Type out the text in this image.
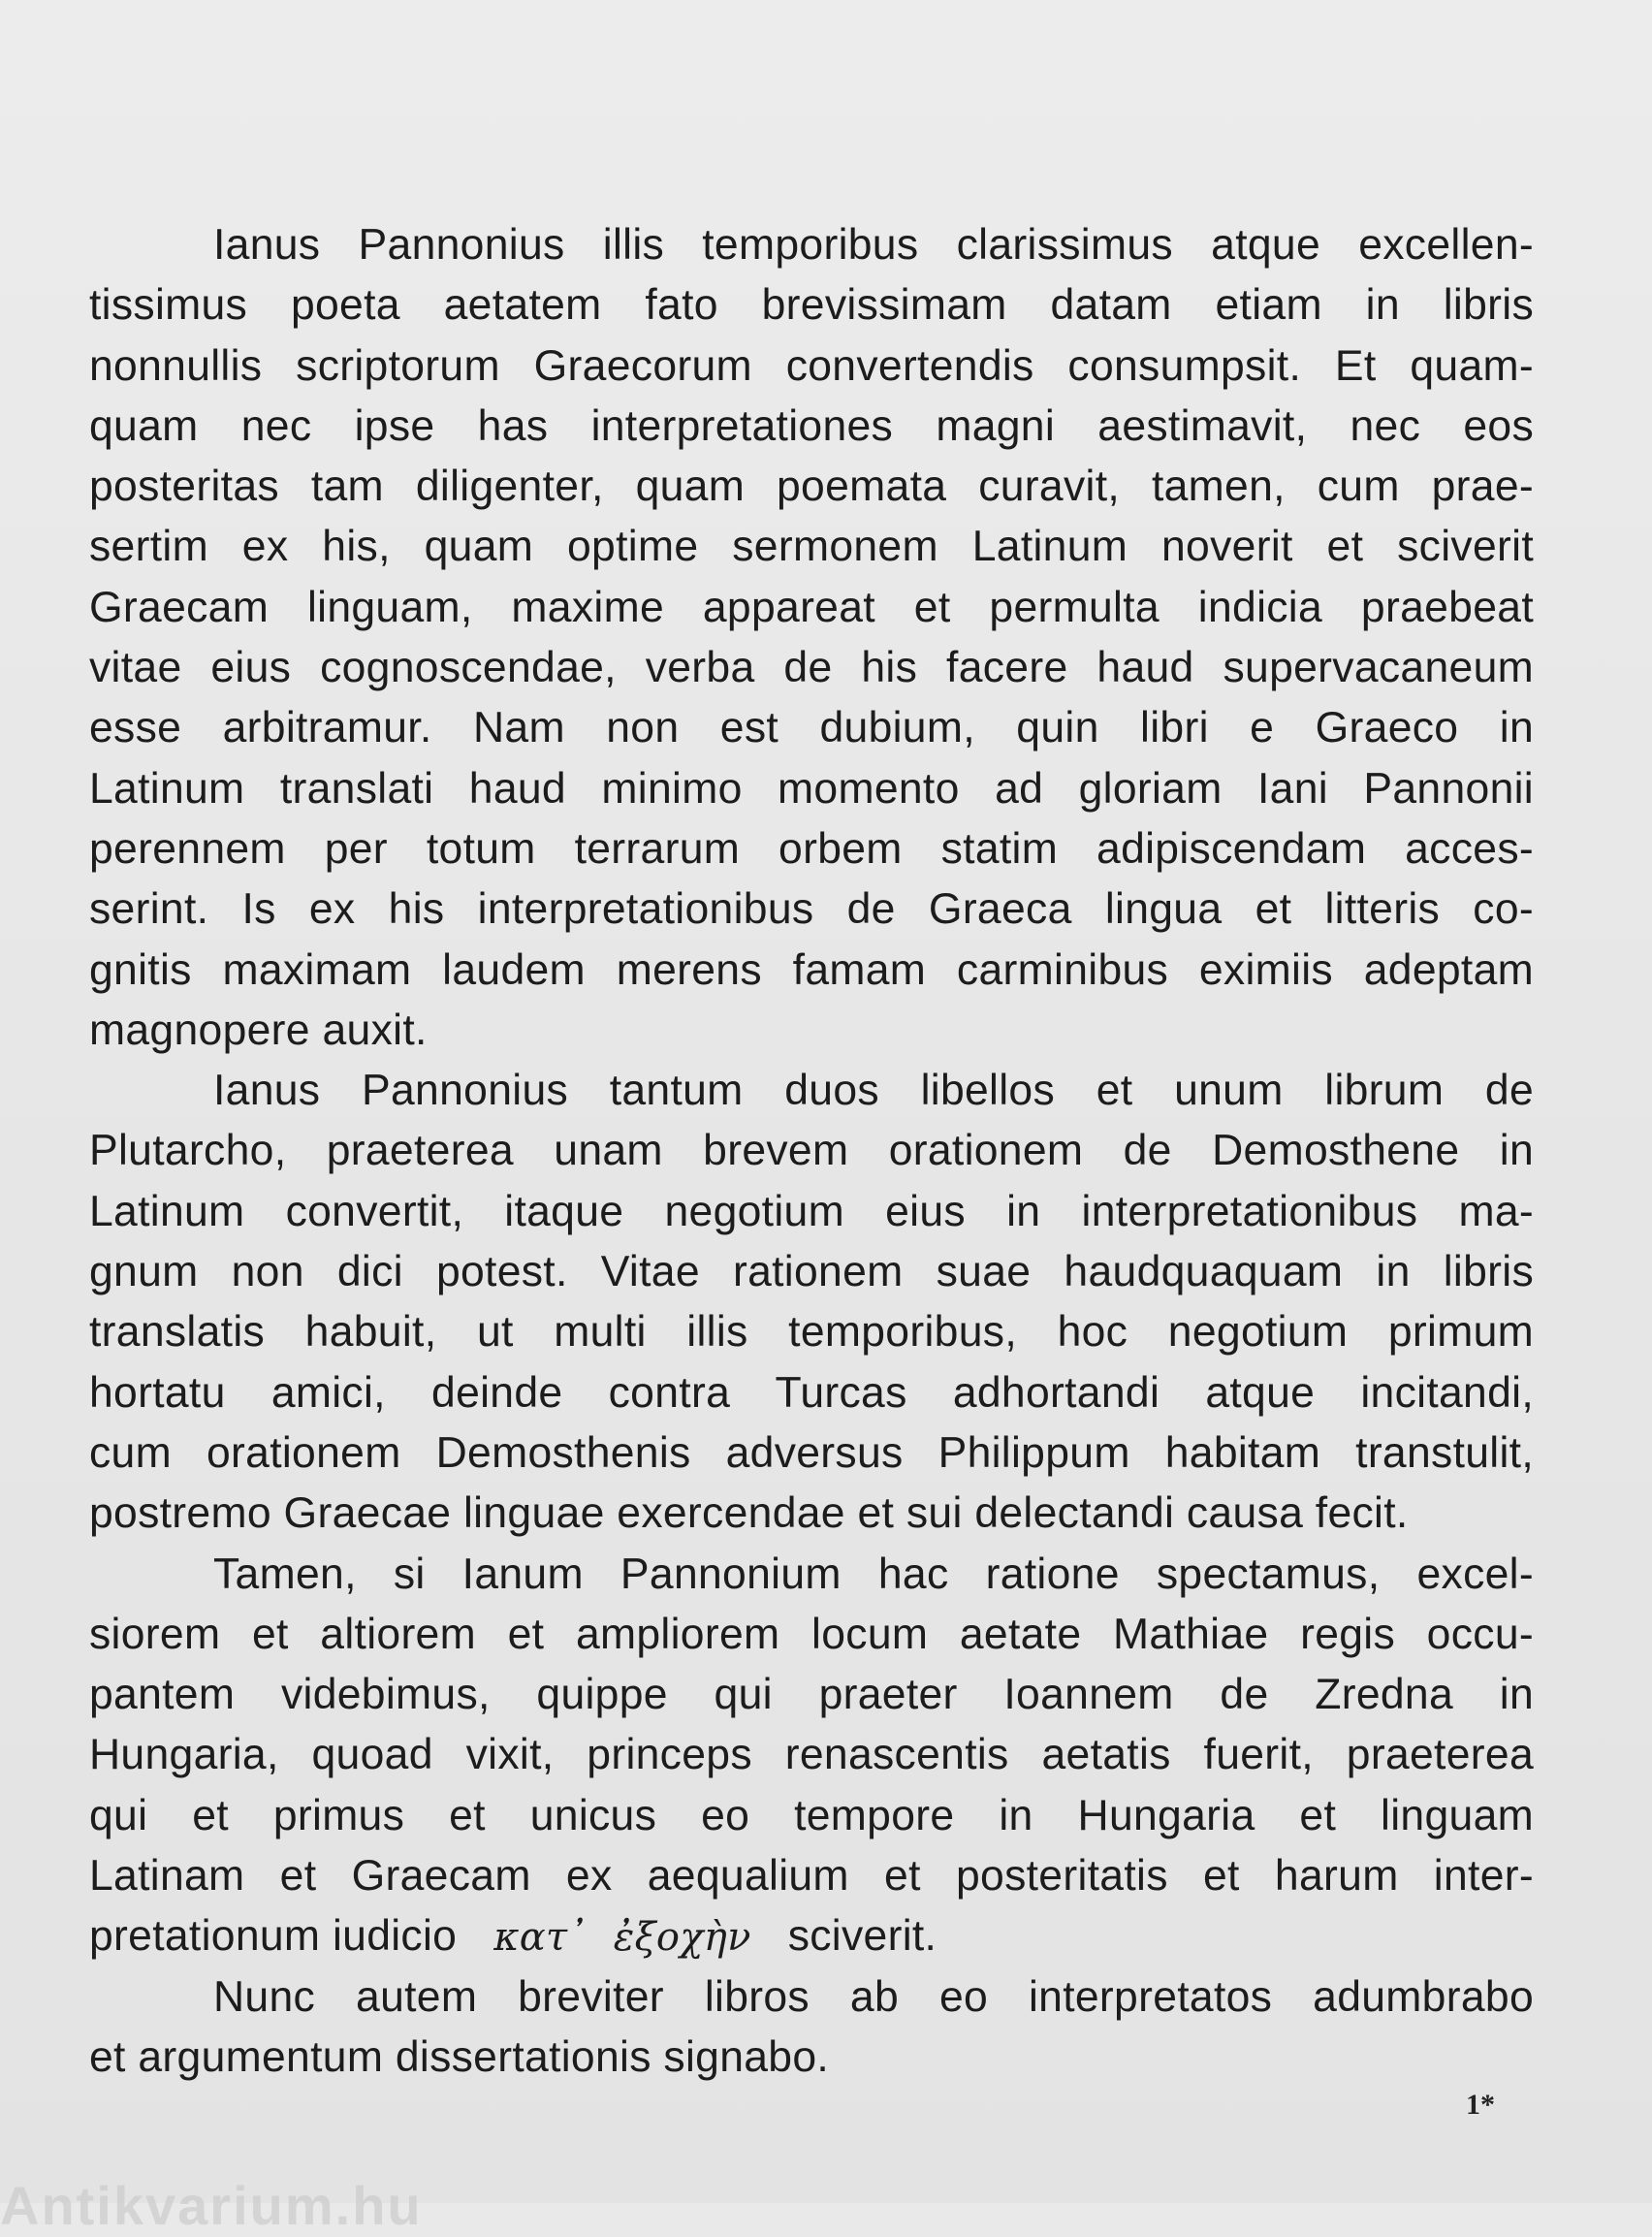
Ianus Pannonius illis temporibus clarissimus atque excellen-
tissimus poeta aetatem fato brevissimam datam etiam in libris
nonnullis scriptorum Graecorum convertendis consumpsit. Et quam-
quam nec ipse has interpretationes magni aestimavit, nec eos
posteritas tam diligenter, quam poemata curavit, tamen, cum prae-
sertim ex his, quam optime sermonem Latinum noverit et sciverit
Graecam linguam, maxime appareat et permulta indicia praebeat
vitae eius cognoscendae, verba de his facere haud supervacaneum
esse arbitramur. Nam non est dubium, quin libri e Graeco in
Latinum translati haud minimo momento ad gloriam Iani Pannonii
perennem per totum terrarum orbem statim adipiscendam acces-
serint. Is ex his interpretationibus de Graeca lingua et litteris co-
gnitis maximam laudem merens famam carminibus eximiis adeptam
magnopere auxit.
Ianus Pannonius tantum duos libellos et unum librum de
Plutarcho, praeterea unam brevem orationem de Demosthene in
Latinum convertit, itaque negotium eius in interpretationibus ma-
gnum non dici potest. Vitae rationem suae haudquaquam in libris
translatis habuit, ut multi illis temporibus, hoc negotium primum
hortatu amici, deinde contra Turcas adhortandi atque incitandi,
cum orationem Demosthenis adversus Philippum habitam transtulit,
postremo Graecae linguae exercendae et sui delectandi causa fecit.
Tamen, si Ianum Pannonium hac ratione spectamus, excel-
siorem et altiorem et ampliorem locum aetate Mathiae regis occu-
pantem videbimus, quippe qui praeter Ioannem de Zredna in
Hungaria, quoad vixit, princeps renascentis aetatis fuerit, praeterea
qui et primus et unicus eo tempore in Hungaria et linguam
Latinam et Graecam ex aequalium et posteritatis et harum inter-
pretationum iudicio κατ᾽ ἐξοχὴν sciverit.
Nunc autem breviter libros ab eo interpretatos adumbrabo
et argumentum dissertationis signabo.
1*
Antikvarium.hu
